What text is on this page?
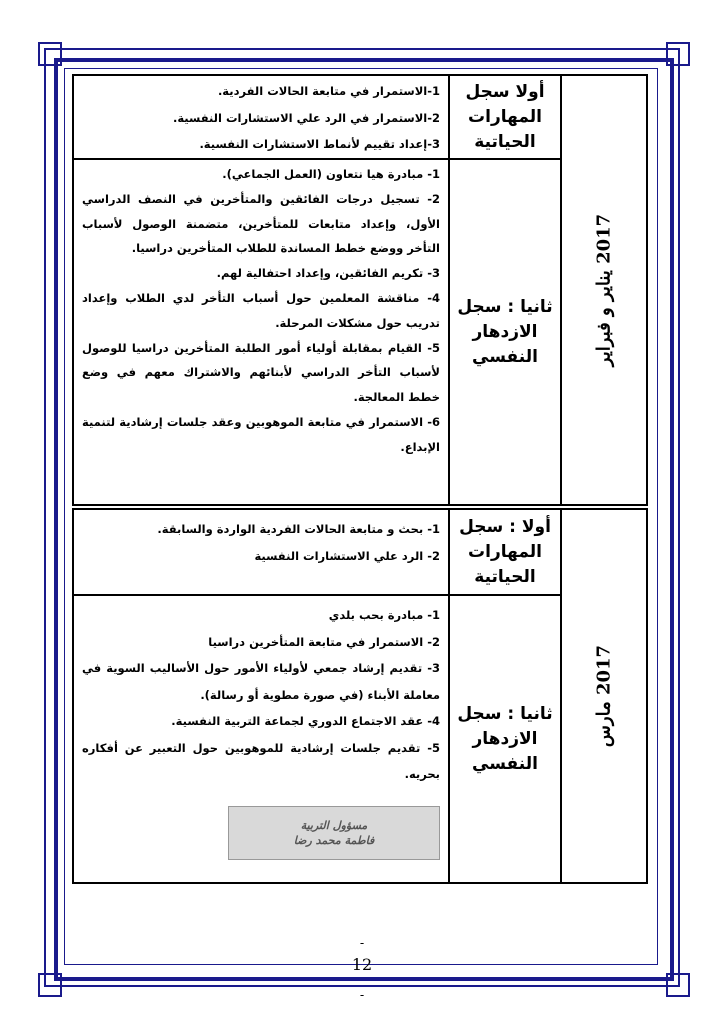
2017 يناير و فبراير
أولا سجل المهارات الحياتية
1-الاستمرار في متابعة الحالات الفردية.
2-الاستمرار في الرد علي الاستشارات النفسية.
3-إعداد تقييم لأنماط الاستشارات النفسية.
ثانيا : سجل الازدهار النفسي
1- مبادرة هيا نتعاون (العمل الجماعي).
2- تسجيل درجات الفائقين والمتأخرين في النصف الدراسي الأول، وإعداد متابعات للمتأخرين، متضمنة الوصول لأسباب التأخر ووضع خطط المساندة للطلاب المتأخرين دراسيا.
3- تكريم الفائقين، وإعداد احتفالية لهم.
4- مناقشة المعلمين حول أسباب التأخر لدي الطلاب وإعداد تدريب حول مشكلات المرحلة.
5- القيام بمقابلة أولياء أمور الطلبة المتأخرين دراسيا للوصول لأسباب التأخر الدراسي لأبنائهم والاشتراك معهم في وضع خطط المعالجة.
6- الاستمرار في متابعة الموهوبين وعقد جلسات إرشادية لتنمية الإبداع.
2017 مارس
أولا : سجل المهارات الحياتية
1- بحث و متابعة الحالات الفردية الواردة والسابقة.
2- الرد علي الاستشارات النفسية
ثانيا : سجل الازدهار النفسي
1- مبادرة بحب بلدي
2- الاستمرار في متابعة المتأخرين دراسيا
3- تقديم إرشاد جمعي لأولياء الأمور حول الأساليب السوية في معاملة الأبناء (في صورة مطوية أو رسالة).
4- عقد الاجتماع الدوري لجماعة التربية النفسية.
5- تقديم جلسات إرشادية للموهوبين حول التعبير عن أفكاره بحريه.
مسؤول التربية
فاطمة محمد رضا
-
12
-
